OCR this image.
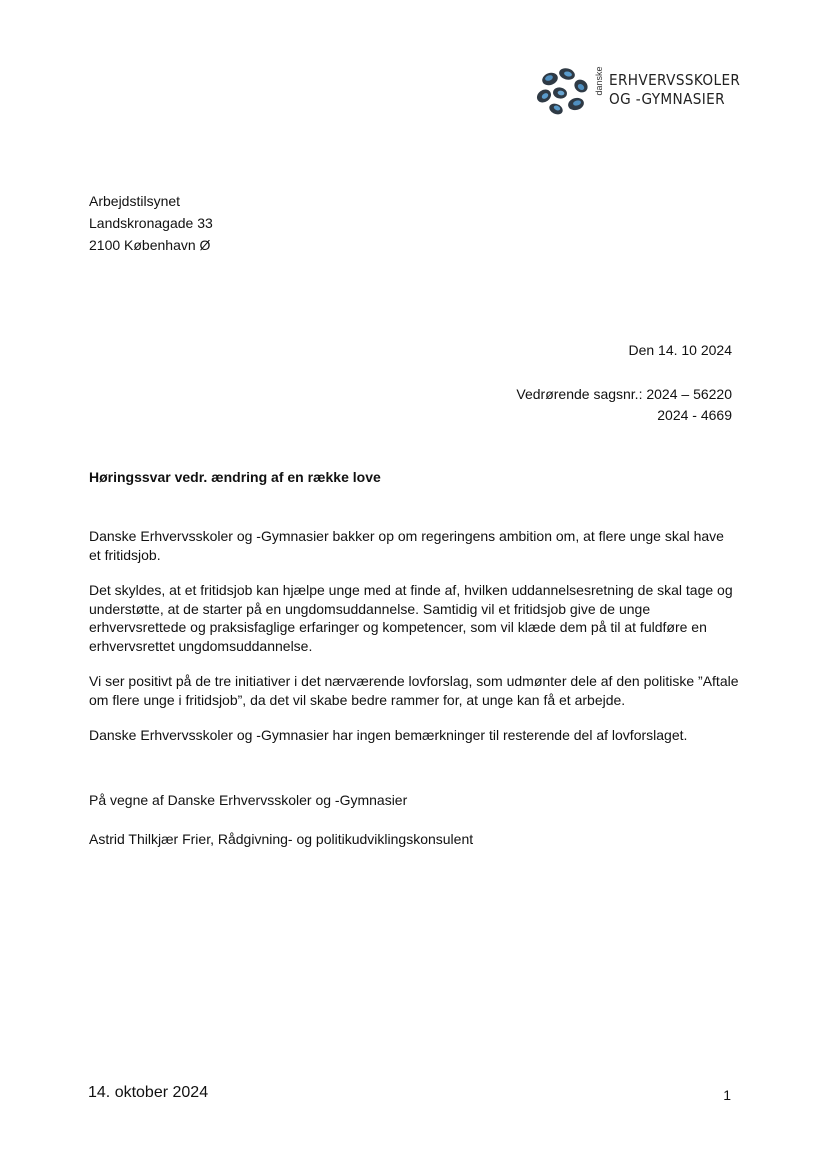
danske ERHVERVSSKOLER
OG -GYMNASIER
Arbejdstilsynet
Landskronagade 33
2100 København Ø
Den 14. 10 2024
Vedrørende sagsnr.: 2024 – 56220
2024 - 4669
Høringssvar vedr. ændring af en række love

Danske Erhvervsskoler og -Gymnasier bakker op om regeringens ambition om, at flere unge skal have et fritidsjob.

Det skyldes, at et fritidsjob kan hjælpe unge med at finde af, hvilken uddannelsesretning de skal tage og understøtte, at de starter på en ungdomsuddannelse. Samtidig vil et fritidsjob give de unge erhvervsrettede og praksisfaglige erfaringer og kompetencer, som vil klæde dem på til at fuldføre en erhvervsrettet ungdomsuddannelse.

Vi ser positivt på de tre initiativer i det nærværende lovforslag, som udmønter dele af den politiske ”Aftale om flere unge i fritidsjob”, da det vil skabe bedre rammer for, at unge kan få et arbejde.

Danske Erhvervsskoler og -Gymnasier har ingen bemærkninger til resterende del af lovforslaget.

På vegne af Danske Erhvervsskoler og -Gymnasier
Astrid Thilkjær Frier, Rådgivning- og politikudviklingskonsulent
14. oktober 2024	1
